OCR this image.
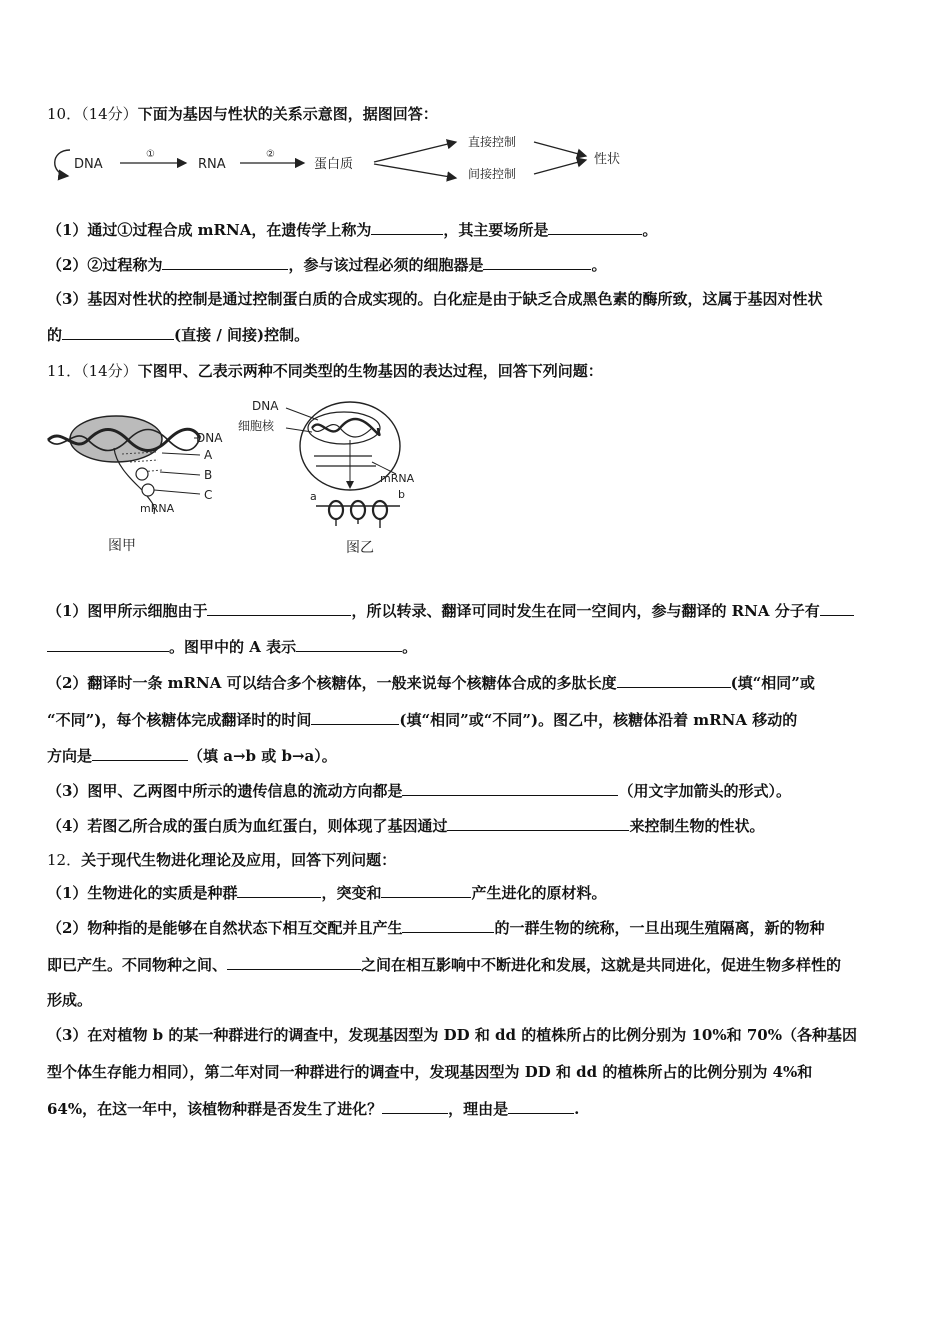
10．（14分）下面为基因与性状的关系示意图，据图回答：
DNA
①
RNA
②
蛋白质
直接控制
间接控制
性状
（1）通过①过程合成 mRNA，在遗传学上称为	，其主要场所是	。
（2）②过程称为	，参与该过程必须的细胞器是	。
（3）基因对性状的控制是通过控制蛋白质的合成实现的。白化症是由于缺乏合成黑色素的酶所致，这属于基因对性状
的	(直接 / 间接)控制。
11．（14分）下图甲、乙表示两种不同类型的生物基因的表达过程，回答下列问题：
DNA
A
B
C
mRNA
图甲
DNA
细胞核
mRNA
a	b
图乙
（1）图甲所示细胞由于	，所以转录、翻译可同时发生在同一空间内，参与翻译的 RNA 分子有
。图甲中的 A 表示	。
（2）翻译时一条 mRNA 可以结合多个核糖体，一般来说每个核糖体合成的多肽长度	(填“相同”或
“不同”)，每个核糖体完成翻译时的时间	(填“相同”或“不同”)。图乙中，核糖体沿着 mRNA 移动的
方向是	（填 a→b 或 b→a）。
（3）图甲、乙两图中所示的遗传信息的流动方向都是	（用文字加箭头的形式）。
（4）若图乙所合成的蛋白质为血红蛋白，则体现了基因通过	来控制生物的性状。
12．关于现代生物进化理论及应用，回答下列问题：
（1）生物进化的实质是种群	，突变和	产生进化的原材料。
（2）物种指的是能够在自然状态下相互交配并且产生	的一群生物的统称，一旦出现生殖隔离，新的物种
即已产生。不同物种之间、	之间在相互影响中不断进化和发展，这就是共同进化，促进生物多样性的
形成。
（3）在对植物 b 的某一种群进行的调查中，发现基因型为 DD 和 dd 的植株所占的比例分别为 10%和 70%（各种基因
型个体生存能力相同），第二年对同一种群进行的调查中，发现基因型为 DD 和 dd 的植株所占的比例分别为 4%和
64%，在这一年中，该植物种群是否发生了进化？	，理由是	.
